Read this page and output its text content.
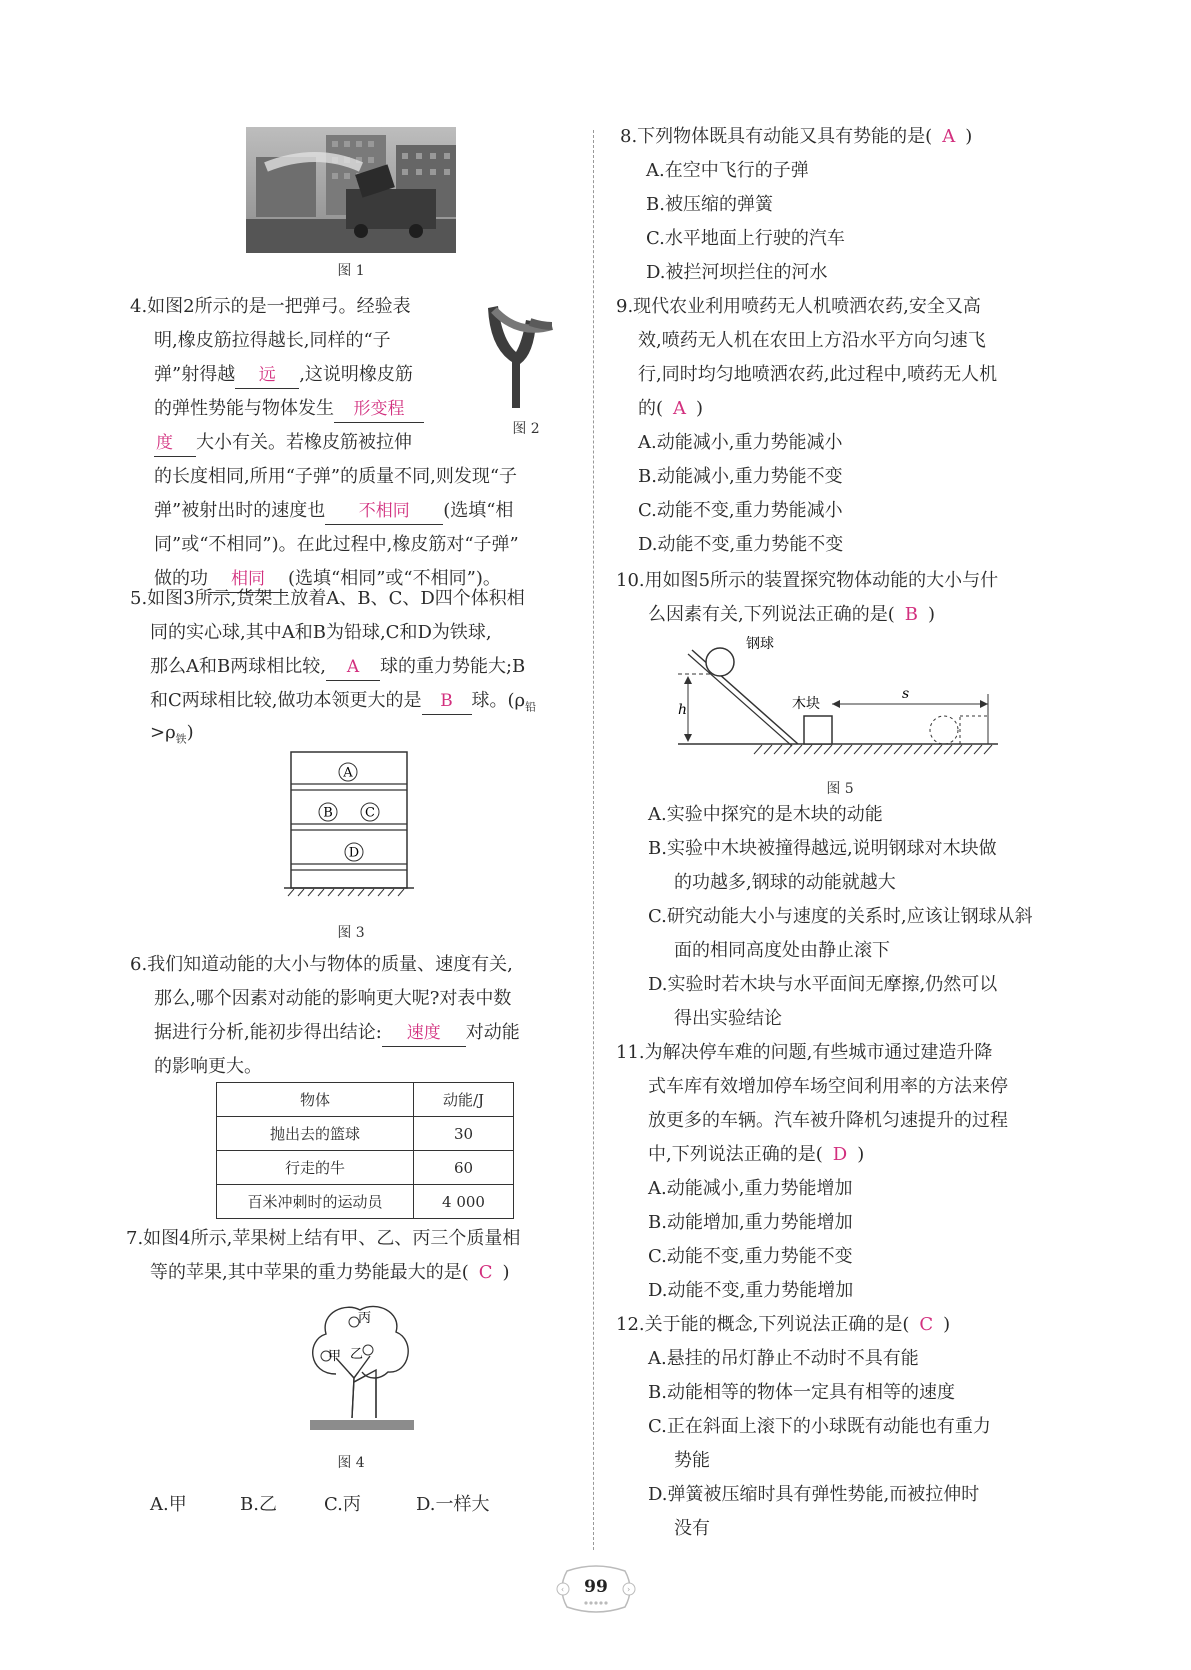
图 1
4.如图2所示的是一把弹弓。经验表
明,橡皮筋拉得越长,同样的“子
弹”射得越 远 ,这说明橡皮筋
的弹性势能与物体发生 形变程
度 大小有关。若橡皮筋被拉伸
的长度相同,所用“子弹”的质量不同,则发现“子
弹”被射出时的速度也 不相同 (选填“相
同”或“不相同”)。在此过程中,橡皮筋对“子弹”
做的功 相同 (选填“相同”或“不相同”)。
图 2
5.如图3所示,货架上放着A、B、C、D四个体积相
同的实心球,其中A和B为铅球,C和D为铁球,
那么A和B两球相比较, A 球的重力势能大;B
和C两球相比较,做功本领更大的是 B 球。($\rho_铅$
$>\rho_铁$)
A
B C
D
图 3
6.我们知道动能的大小与物体的质量、速度有关,
那么,哪个因素对动能的影响更大呢?对表中数
据进行分析,能初步得出结论: 速度 对动能
的影响更大。
物体	动能/J
抛出去的篮球	30
行走的牛	60
百米冲刺时的运动员	4 000
7.如图4所示,苹果树上结有甲、乙、丙三个质量相
等的苹果,其中苹果的重力势能最大的是( C )
丙
甲 乙
图 4
A.甲	B.乙	C.丙	D.一样大
8.下列物体既具有动能又具有势能的是( A )
A.在空中飞行的子弹
B.被压缩的弹簧
C.水平地面上行驶的汽车
D.被拦河坝拦住的河水
9.现代农业利用喷药无人机喷洒农药,安全又高
效,喷药无人机在农田上方沿水平方向匀速飞
行,同时均匀地喷洒农药,此过程中,喷药无人机
的( A )
A.动能减小,重力势能减小
B.动能减小,重力势能不变
C.动能不变,重力势能减小
D.动能不变,重力势能不变
10.用如图5所示的装置探究物体动能的大小与什
么因素有关,下列说法正确的是( B )
h
钢球
木块
s
图 5
A.实验中探究的是木块的动能
B.实验中木块被撞得越远,说明钢球对木块做
的功越多,钢球的动能就越大
C.研究动能大小与速度的关系时,应该让钢球从斜
面的相同高度处由静止滚下
D.实验时若木块与水平面间无摩擦,仍然可以
得出实验结论
11.为解决停车难的问题,有些城市通过建造升降
式车库有效增加停车场空间利用率的方法来停
放更多的车辆。汽车被升降机匀速提升的过程
中,下列说法正确的是( D )
A.动能减小,重力势能增加
B.动能增加,重力势能增加
C.动能不变,重力势能不变
D.动能不变,重力势能增加
12.关于能的概念,下列说法正确的是( C )
A.悬挂的吊灯静止不动时不具有能
B.动能相等的物体一定具有相等的速度
C.正在斜面上滚下的小球既有动能也有重力
势能
D.弹簧被压缩时具有弹性势能,而被拉伸时
没有
‹	›
99
